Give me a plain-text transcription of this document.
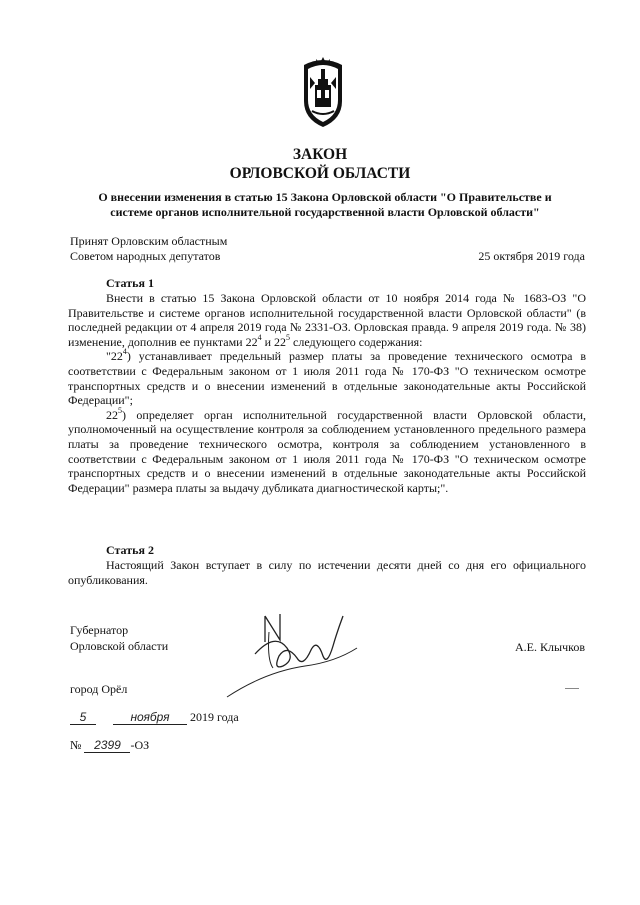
ЗАКОН
ОРЛОВСКОЙ ОБЛАСТИ
О внесении изменения в статью 15 Закона Орловской области "О Правительстве и
системе органов исполнительной государственной власти Орловской области"
Принят Орловским областным
Советом народных депутатов	25 октября 2019 года
Статья 1

Внести в статью 15 Закона Орловской области от 10 ноября 2014 года № 1683-ОЗ "О Правительстве и системе органов исполнительной государственной власти Орловской области" (в последней редакции от 4 апреля 2019 года № 2331-ОЗ. Орловская правда. 9 апреля 2019 года. № 38) изменение, дополнив ее пунктами $22^4$ и $22^5$ следующего содержания:

"$22^4$) устанавливает предельный размер платы за проведение технического осмотра в соответствии с Федеральным законом от 1 июля 2011 года № 170-ФЗ "О техническом осмотре транспортных средств и о внесении изменений в отдельные законодательные акты Российской Федерации";

$22^5$) определяет орган исполнительной государственной власти Орловской области, уполномоченный на осуществление контроля за соблюдением установленного предельного размера платы за проведение технического осмотра, контроля за соблюдением установленного в соответствии с Федеральным законом от 1 июля 2011 года № 170-ФЗ "О техническом осмотре транспортных средств и о внесении изменений в отдельные законодательные акты Российской Федерации" размера платы за выдачу дубликата диагностической карты;".

Статья 2

Настоящий Закон вступает в силу по истечении десяти дней со дня его официального опубликования.

Губернатор
Орловской области	А.Е. Клычков
город Орёл
5	ноября 2019 года
№ 2399 -ОЗ
